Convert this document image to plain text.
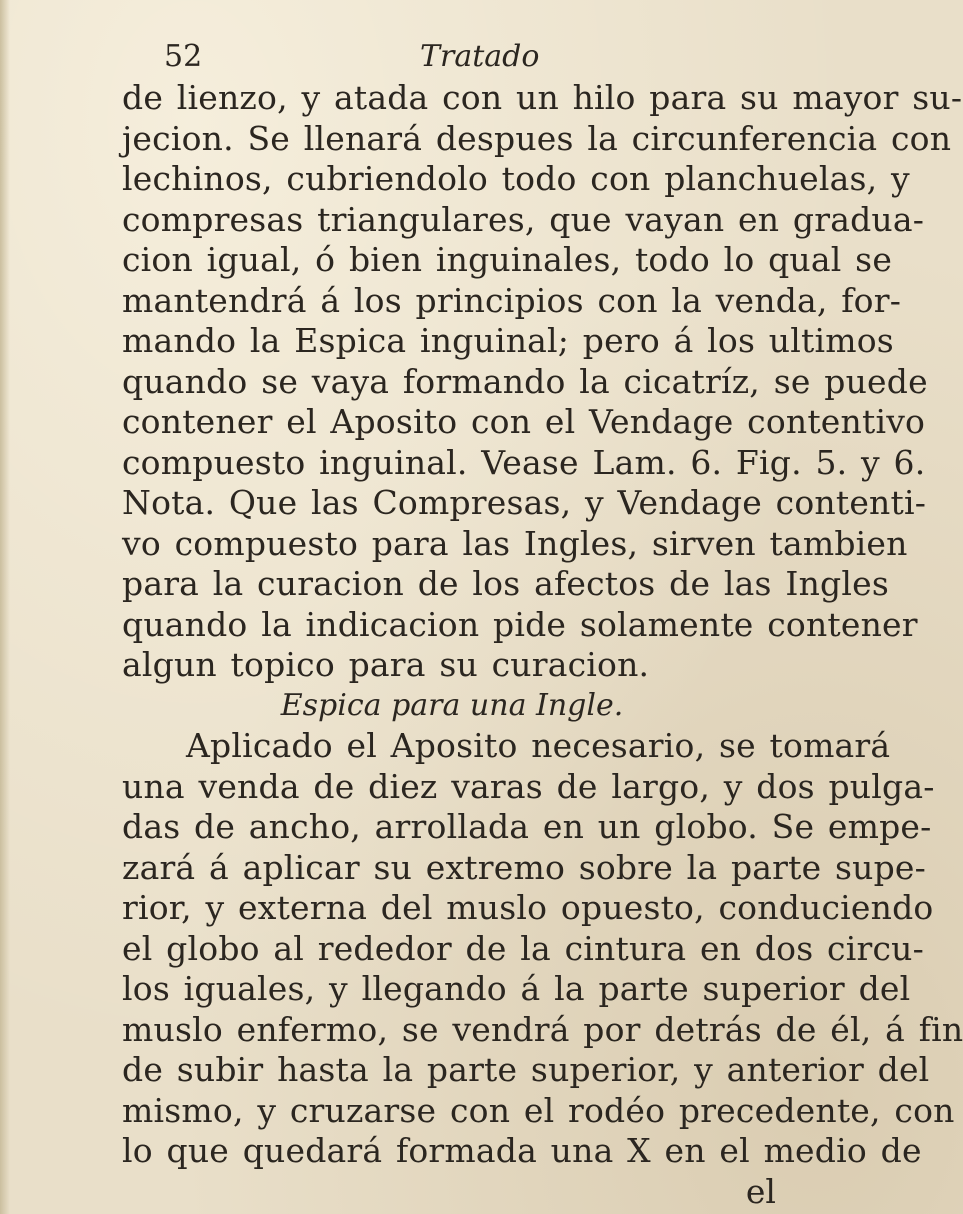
52	Tratado
de lienzo, y atada con un hilo para su mayor su-
jecion. Se llenará despues la circunferencia con
lechinos, cubriendolo todo con planchuelas, y
compresas triangulares, que vayan en gradua-
cion igual, ó bien inguinales, todo lo qual se
mantendrá á los principios con la venda, for-
mando la Espica inguinal; pero á los ultimos
quando se vaya formando la cicatríz, se puede
contener el Aposito con el Vendage contentivo
compuesto inguinal. Vease Lam. 6. Fig. 5. y 6.
Nota. Que las Compresas, y Vendage contenti-
vo compuesto para las Ingles, sirven tambien
para la curacion de los afectos de las Ingles
quando la indicacion pide solamente contener
algun topico para su curacion.
Espica para una Ingle.
Aplicado el Aposito necesario, se tomará
una venda de diez varas de largo, y dos pulga-
das de ancho, arrollada en un globo. Se empe-
zará á aplicar su extremo sobre la parte supe-
rior, y externa del muslo opuesto, conduciendo
el globo al rededor de la cintura en dos circu-
los iguales, y llegando á la parte superior del
muslo enfermo, se vendrá por detrás de él, á fin
de subir hasta la parte superior, y anterior del
mismo, y cruzarse con el rodéo precedente, con
lo que quedará formada una X en el medio de
el
